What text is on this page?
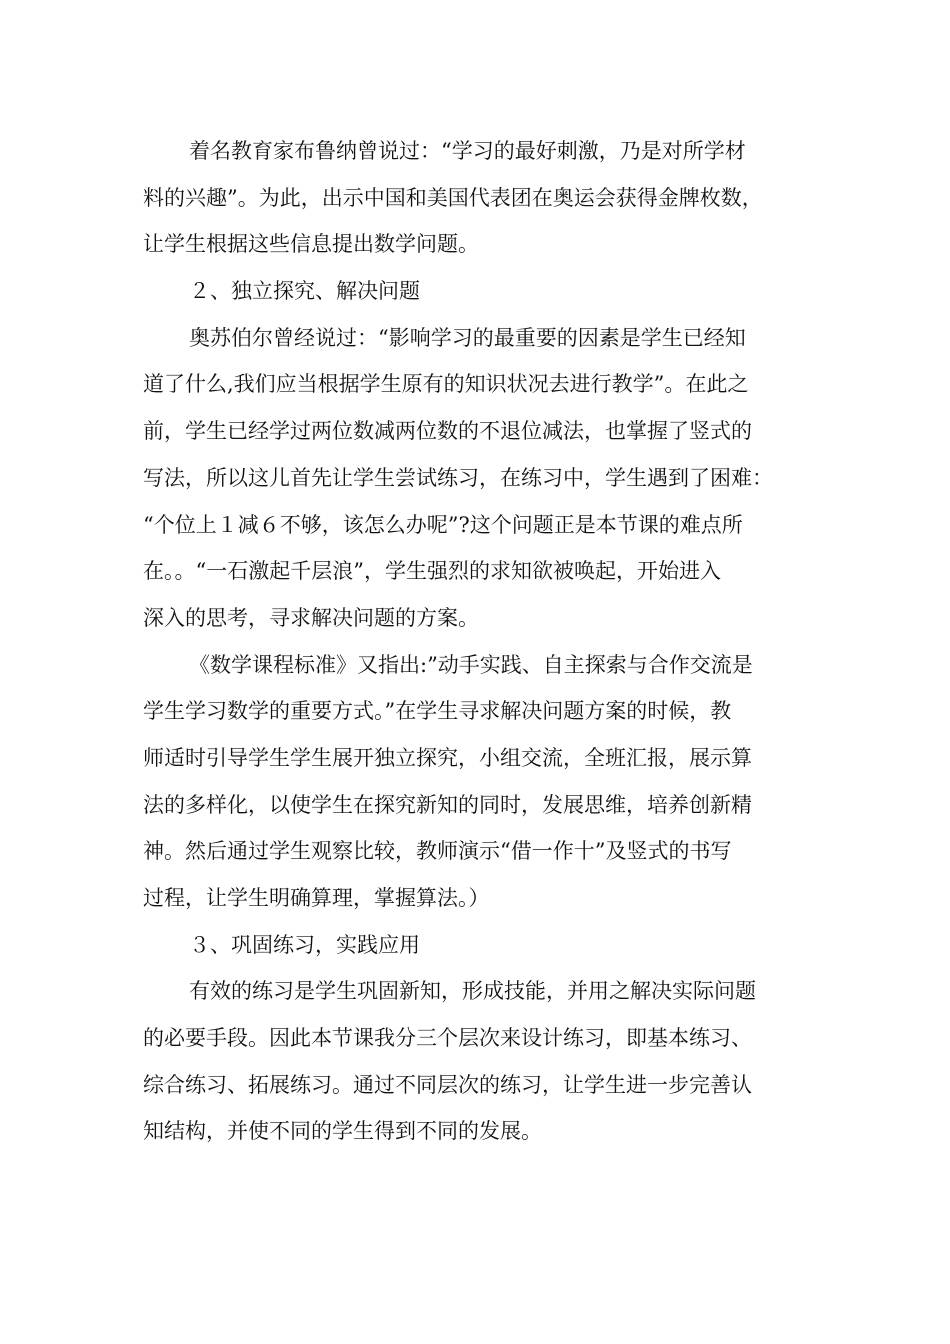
着名教育家布鲁纳曾说过：“学习的最好刺激，乃是对所学材
料的兴趣”。为此，出示中国和美国代表团在奥运会获得金牌枚数，
让学生根据这些信息提出数学问题。

２、独立探究、解决问题

奥苏伯尔曾经说过：“影响学习的最重要的因素是学生已经知
道了什么,我们应当根据学生原有的知识状况去进行教学”。在此之
前，学生已经学过两位数减两位数的不退位减法，也掌握了竖式的
写法，所以这儿首先让学生尝试练习，在练习中，学生遇到了困难：
“个位上１减６不够，该怎么办呢”?这个问题正是本节课的难点所
在。。“一石激起千层浪”，学生强烈的求知欲被唤起，开始进入
深入的思考，寻求解决问题的方案。

《数学课程标准》又指出:”动手实践、自主探索与合作交流是
学生学习数学的重要方式。”在学生寻求解决问题方案的时候，教
师适时引导学生学生展开独立探究，小组交流，全班汇报，展示算
法的多样化，以使学生在探究新知的同时，发展思维，培养创新精
神。然后通过学生观察比较，教师演示“借一作十”及竖式的书写
过程，让学生明确算理，掌握算法。）

３、巩固练习，实践应用

有效的练习是学生巩固新知，形成技能，并用之解决实际问题
的必要手段。因此本节课我分三个层次来设计练习，即基本练习、
综合练习、拓展练习。通过不同层次的练习，让学生进一步完善认
知结构，并使不同的学生得到不同的发展。
